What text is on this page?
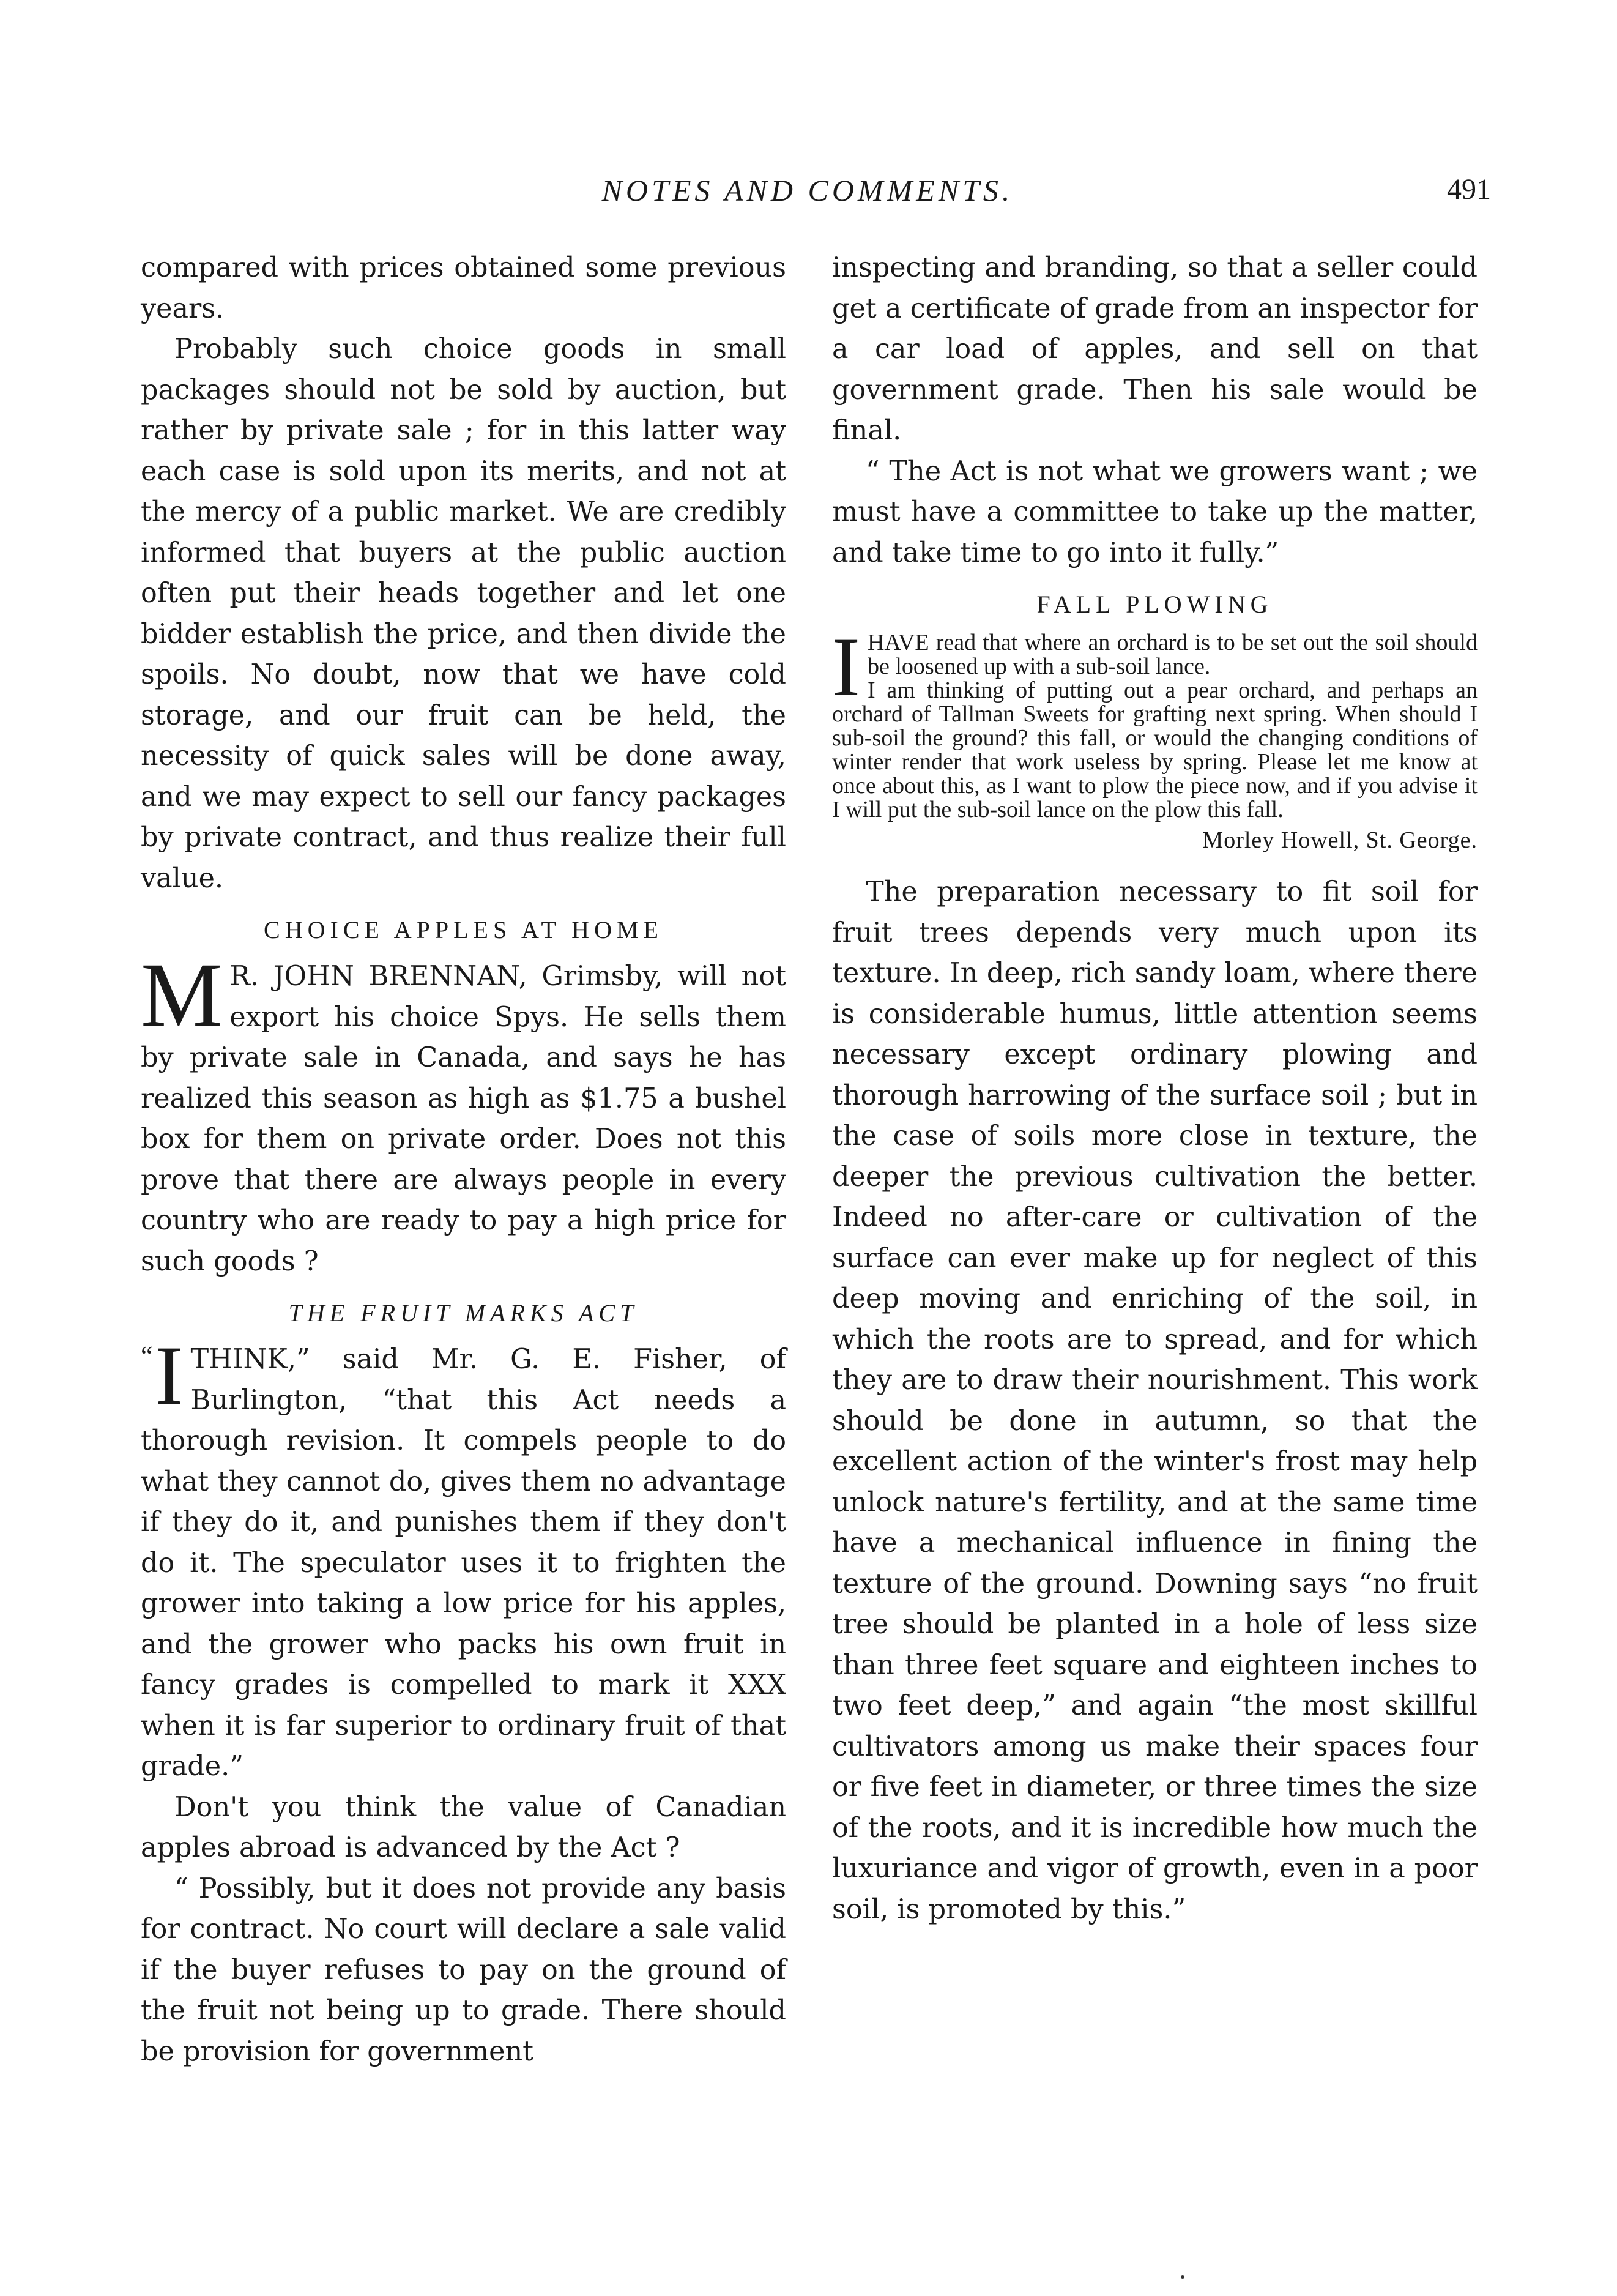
NOTES AND COMMENTS.	491

compared with prices obtained some previous years.

Probably such choice goods in small packages should not be sold by auction, but rather by private sale ; for in this latter way each case is sold upon its merits, and not at the mercy of a public market. We are credibly informed that buyers at the public auction often put their heads together and let one bidder establish the price, and then divide the spoils. No doubt, now that we have cold storage, and our fruit can be held, the necessity of quick sales will be done away, and we may expect to sell our fancy packages by private contract, and thus realize their full value.

CHOICE APPLES AT HOME

M R. JOHN BRENNAN, Grimsby, will not export his choice Spys. He sells them by private sale in Canada, and says he has realized this season as high as $1.75 a bushel box for them on private order. Does not this prove that there are always people in every country who are ready to pay a high price for such goods ?

THE FRUIT MARKS ACT

“ I THINK,” said Mr. G. E. Fisher, of Burlington, “that this Act needs a thorough revision. It compels people to do what they cannot do, gives them no advantage if they do it, and punishes them if they don't do it. The speculator uses it to frighten the grower into taking a low price for his apples, and the grower who packs his own fruit in fancy grades is compelled to mark it XXX when it is far superior to ordinary fruit of that grade.”

Don't you think the value of Canadian apples abroad is advanced by the Act ?

“ Possibly, but it does not provide any basis for contract. No court will declare a sale valid if the buyer refuses to pay on the ground of the fruit not being up to grade. There should be provision for government

inspecting and branding, so that a seller could get a certificate of grade from an inspector for a car load of apples, and sell on that government grade. Then his sale would be final.

“ The Act is not what we growers want ; we must have a committee to take up the matter, and take time to go into it fully.”

FALL PLOWING

IHAVE read that where an orchard is to be set out the soil should be loosened up with a sub-soil lance.

I am thinking of putting out a pear orchard, and perhaps an orchard of Tallman Sweets for grafting next spring. When should I sub-soil the ground? this fall, or would the changing conditions of winter render that work useless by spring. Please let me know at once about this, as I want to plow the piece now, and if you advise it I will put the sub-soil lance on the plow this fall.

Morley Howell, St. George.

The preparation necessary to fit soil for fruit trees depends very much upon its texture. In deep, rich sandy loam, where there is considerable humus, little attention seems necessary except ordinary plowing and thorough harrowing of the surface soil ; but in the case of soils more close in texture, the deeper the previous cultivation the better. Indeed no after-care or cultivation of the surface can ever make up for neglect of this deep moving and enriching of the soil, in which the roots are to spread, and for which they are to draw their nourishment. This work should be done in autumn, so that the excellent action of the winter's frost may help unlock nature's fertility, and at the same time have a mechanical influence in fining the texture of the ground. Downing says “no fruit tree should be planted in a hole of less size than three feet square and eighteen inches to two feet deep,” and again “the most skillful cultivators among us make their spaces four or five feet in diameter, or three times the size of the roots, and it is incredible how much the luxuriance and vigor of growth, even in a poor soil, is promoted by this.”
